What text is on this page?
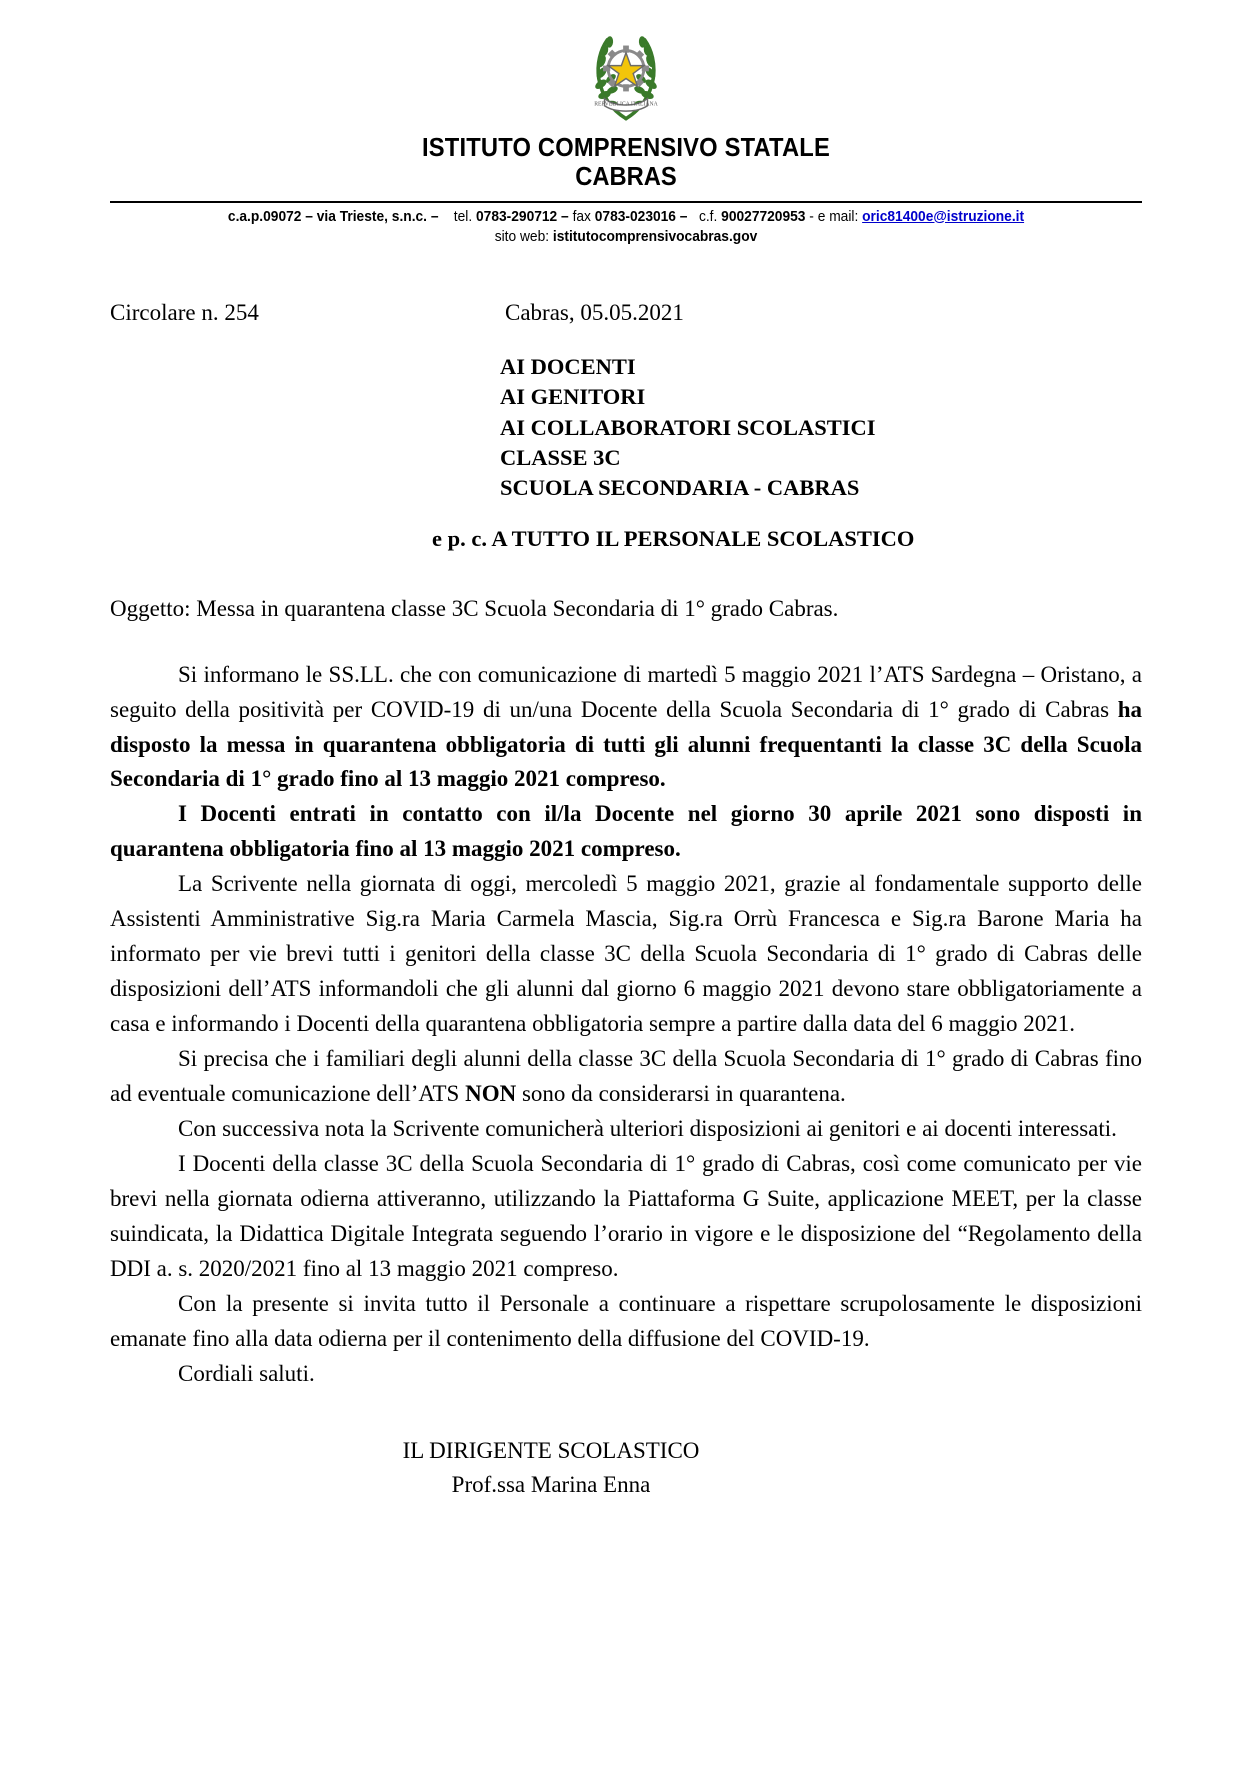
REPVBBLICA ITALIANA
ISTITUTO COMPRENSIVO STATALE
CABRAS
c.a.p.09072 – via Trieste, s.n.c. – tel. 0783-290712 – fax 0783-023016 – c.f. 90027720953 - e mail: oric81400e@istruzione.it
sito web: istitutocomprensivocabras.gov
Circolare n. 254	Cabras, 05.05.2021
AI DOCENTI
AI GENITORI
AI COLLABORATORI SCOLASTICI
CLASSE 3C
SCUOLA SECONDARIA - CABRAS
e p. c. A TUTTO IL PERSONALE SCOLASTICO
Oggetto: Messa in quarantena classe 3C Scuola Secondaria di 1° grado Cabras.

Si informano le SS.LL. che con comunicazione di martedì 5 maggio 2021 l’ATS Sardegna – Oristano, a seguito della positività per COVID-19 di un/una Docente della Scuola Secondaria di 1° grado di Cabras ha disposto la messa in quarantena obbligatoria di tutti gli alunni frequentanti la classe 3C della Scuola Secondaria di 1° grado fino al 13 maggio 2021 compreso.

I Docenti entrati in contatto con il/la Docente nel giorno 30 aprile 2021 sono disposti in quarantena obbligatoria fino al 13 maggio 2021 compreso.

La Scrivente nella giornata di oggi, mercoledì 5 maggio 2021, grazie al fondamentale supporto delle Assistenti Amministrative Sig.ra Maria Carmela Mascia, Sig.ra Orrù Francesca e Sig.ra Barone Maria ha informato per vie brevi tutti i genitori della classe 3C della Scuola Secondaria di 1° grado di Cabras delle disposizioni dell’ATS informandoli che gli alunni dal giorno 6 maggio 2021 devono stare obbligatoriamente a casa e informando i Docenti della quarantena obbligatoria sempre a partire dalla data del 6 maggio 2021.

Si precisa che i familiari degli alunni della classe 3C della Scuola Secondaria di 1° grado di Cabras fino ad eventuale comunicazione dell’ATS NON sono da considerarsi in quarantena.

Con successiva nota la Scrivente comunicherà ulteriori disposizioni ai genitori e ai docenti interessati.

I Docenti della classe 3C della Scuola Secondaria di 1° grado di Cabras, così come comunicato per vie brevi nella giornata odierna attiveranno, utilizzando la Piattaforma G Suite, applicazione MEET, per la classe suindicata, la Didattica Digitale Integrata seguendo l’orario in vigore e le disposizione del “Regolamento della DDI a. s. 2020/2021 fino al 13 maggio 2021 compreso.

Con la presente si invita tutto il Personale a continuare a rispettare scrupolosamente le disposizioni emanate fino alla data odierna per il contenimento della diffusione del COVID-19.

Cordiali saluti.

IL DIRIGENTE SCOLASTICO
Prof.ssa Marina Enna
